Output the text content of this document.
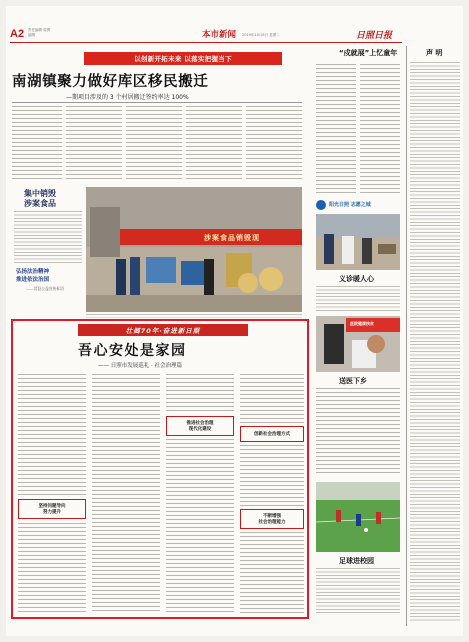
A2 责任编辑 周勇
编辑	本市新闻 2019年10月8日 星期二	日照日报
以创新开拓未来 以落实把握当下
南湖镇聚力做好库区移民搬迁
—期项目涉及的 3 个村居搬迁签约率达 100%
集中销毁
涉案食品
弘扬法治精神
推进依法治国
——莒县公益宣传标语
涉案食品销毁现
壮阔70年·奋进新日照
吾心安处是家园
—— 日照市发展巡礼 · 社会治理篇
坚持问题导向
努力提升
推进社会治理
现代化建设
创新社会治理方式
不断增强
社会治理能力
“戍就展”上忆童年
阳光日照 志愿之城
义诊暖人心
医院健康扶贫
送医下乡
足球进校园
声 明
